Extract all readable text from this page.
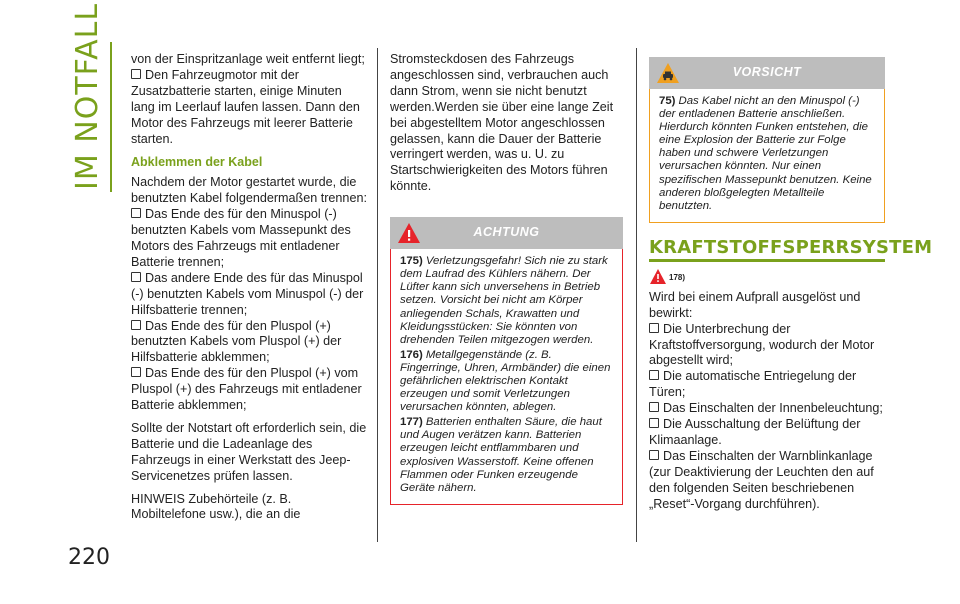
IM NOTFALL
220

von der Einspritzanlage weit entfernt liegt;

Den Fahrzeugmotor mit der Zusatzbatterie starten, einige Minuten lang im Leerlauf laufen lassen. Dann den Motor des Fahrzeugs mit leerer Batterie starten.

Abklemmen der Kabel

Nachdem der Motor gestartet wurde, die benutzten Kabel folgendermaßen trennen:

Das Ende des für den Minuspol (-) benutzten Kabels vom Massepunkt des Motors des Fahrzeugs mit entladener Batterie trennen;

Das andere Ende des für das Minuspol (-) benutzten Kabels vom Minuspol (-) der Hilfsbatterie trennen;

Das Ende des für den Pluspol (+) benutzten Kabels vom Pluspol (+) der Hilfsbatterie abklemmen;

Das Ende des für den Pluspol (+) vom Pluspol (+) des Fahrzeugs mit entladener Batterie abklemmen;

Sollte der Notstart oft erforderlich sein, die Batterie und die Ladeanlage des Fahrzeugs in einer Werkstatt des Jeep-Servicenetzes prüfen lassen.

HINWEIS Zubehörteile (z. B. Mobiltelefone usw.), die an die

Stromsteckdosen des Fahrzeugs angeschlossen sind, verbrauchen auch dann Strom, wenn sie nicht benutzt werden.Werden sie über eine lange Zeit bei abgestelltem Motor angeschlossen gelassen, kann die Dauer der Batterie verringert werden, was u. U. zu Startschwierigkeiten des Motors führen könnte.

ACHTUNG

175) Verletzungsgefahr! Sich nie zu stark dem Laufrad des Kühlers nähern. Der Lüfter kann sich unversehens in Betrieb setzen. Vorsicht bei nicht am Körper anliegenden Schals, Krawatten und Kleidungsstücken: Sie könnten von drehenden Teilen mitgezogen werden.

176) Metallgegenstände (z. B. Fingerringe, Uhren, Armbänder) die einen gefährlichen elektrischen Kontakt erzeugen und somit Verletzungen verursachen könnten, ablegen.

177) Batterien enthalten Säure, die haut und Augen verätzen kann. Batterien erzeugen leicht entflammbaren und explosiven Wasserstoff. Keine offenen Flammen oder Funken erzeugende Geräte nähern.

VORSICHT

75) Das Kabel nicht an den Minuspol (-) der entladenen Batterie anschließen. Hierdurch könnten Funken entstehen, die eine Explosion der Batterie zur Folge haben und schwere Verletzungen verursachen könnten. Nur einen spezifischen Massepunkt benutzen. Keine anderen bloßgelegten Metallteile benutzten.

KRAFTSTOFFSPERRSYSTEM
178)

Wird bei einem Aufprall ausgelöst und bewirkt:

Die Unterbrechung der Kraftstoffversorgung, wodurch der Motor abgestellt wird;

Die automatische Entriegelung der Türen;

Das Einschalten der Innenbeleuchtung;

Die Ausschaltung der Belüftung der Klimaanlage.

Das Einschalten der Warnblinkanlage (zur Deaktivierung der Leuchten den auf den folgenden Seiten beschriebenen „Reset“-Vorgang durchführen).
